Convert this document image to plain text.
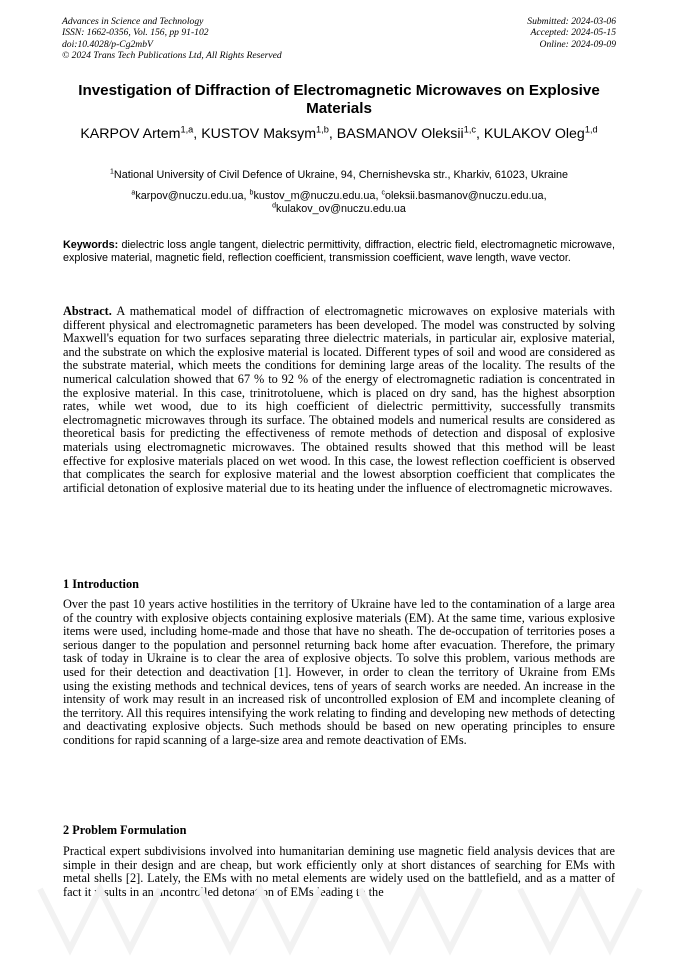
Advances in Science and Technology
ISSN: 1662-0356, Vol. 156, pp 91-102
doi:10.4028/p-Cg2mbV
© 2024 Trans Tech Publications Ltd, All Rights Reserved
Submitted: 2024-03-06
Accepted: 2024-05-15
Online: 2024-09-09
Investigation of Diffraction of Electromagnetic Microwaves on Explosive Materials
KARPOV Artem$^{1,a}$, KUSTOV Maksym$^{1,b}$, BASMANOV Oleksii$^{1,c}$, KULAKOV Oleg$^{1,d}$
$^1$National University of Civil Defence of Ukraine, 94, Chernishevska str., Kharkiv, 61023, Ukraine
$^a$karpov@nuczu.edu.ua, $^b$kustov_m@nuczu.edu.ua, $^c$oleksii.basmanov@nuczu.edu.ua,
$^d$kulakov_ov@nuczu.edu.ua
Keywords: dielectric loss angle tangent, dielectric permittivity, diffraction, electric field, electromagnetic microwave, explosive material, magnetic field, reflection coefficient, transmission coefficient, wave length, wave vector.
Abstract. A mathematical model of diffraction of electromagnetic microwaves on explosive materials with different physical and electromagnetic parameters has been developed. The model was constructed by solving Maxwell's equation for two surfaces separating three dielectric materials, in particular air, explosive material, and the substrate on which the explosive material is located. Different types of soil and wood are considered as the substrate material, which meets the conditions for demining large areas of the locality. The results of the numerical calculation showed that 67 % to 92 % of the energy of electromagnetic radiation is concentrated in the explosive material. In this case, trinitrotoluene, which is placed on dry sand, has the highest absorption rates, while wet wood, due to its high coefficient of dielectric permittivity, successfully transmits electromagnetic microwaves through its surface. The obtained models and numerical results are considered as theoretical basis for predicting the effectiveness of remote methods of detection and disposal of explosive materials using electromagnetic microwaves. The obtained results showed that this method will be least effective for explosive materials placed on wet wood. In this case, the lowest reflection coefficient is observed that complicates the search for explosive material and the lowest absorption coefficient that complicates the artificial detonation of explosive material due to its heating under the influence of electromagnetic microwaves.
1 Introduction
Over the past 10 years active hostilities in the territory of Ukraine have led to the contamination of a large area of the country with explosive objects containing explosive materials (EM). At the same time, various explosive items were used, including home-made and those that have no sheath. The de-occupation of territories poses a serious danger to the population and personnel returning back home after evacuation. Therefore, the primary task of today in Ukraine is to clear the area of explosive objects. To solve this problem, various methods are used for their detection and deactivation [1]. However, in order to clean the territory of Ukraine from EMs using the existing methods and technical devices, tens of years of search works are needed. An increase in the intensity of work may result in an increased risk of uncontrolled explosion of EM and incomplete cleaning of the territory. All this requires intensifying the work relating to finding and developing new methods of detecting and deactivating explosive objects. Such methods should be based on new operating principles to ensure conditions for rapid scanning of a large-size area and remote deactivation of EMs.
2 Problem Formulation
Practical expert subdivisions involved into humanitarian demining use magnetic field analysis devices that are simple in their design and are cheap, but work efficiently only at short distances of searching for EMs with metal shells [2]. Lately, the EMs with no metal elements are widely used on the battlefield, and as a matter of fact it results in an uncontrolled detonation of EMs leading to the
